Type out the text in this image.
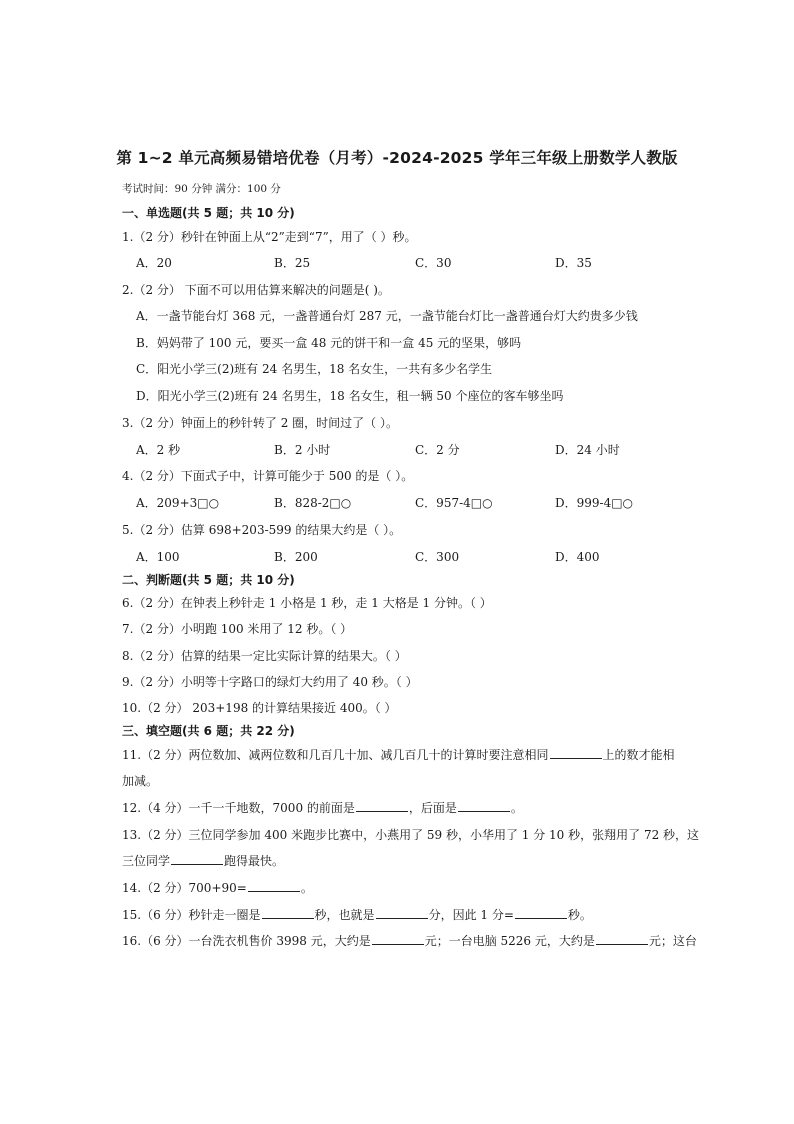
第 1~2 单元高频易错培优卷（月考）-2024-2025 学年三年级上册数学人教版
考试时间：90 分钟 满分：100 分
一、单选题(共 5 题；共 10 分)
1.（2 分）秒针在钟面上从“2”走到“7”，用了（ ）秒。
A．20	B．25	C．30	D．35
2.（2 分） 下面不可以用估算来解决的问题是( )。
A．一盏节能台灯 368 元，一盏普通台灯 287 元，一盏节能台灯比一盏普通台灯大约贵多少钱
B．妈妈带了 100 元，要买一盒 48 元的饼干和一盒 45 元的坚果，够吗
C．阳光小学三(2)班有 24 名男生，18 名女生，一共有多少名学生
D．阳光小学三(2)班有 24 名男生，18 名女生，租一辆 50 个座位的客车够坐吗
3.（2 分）钟面上的秒针转了 2 圈，时间过了（ ）。
A．2 秒	B．2 小时	C．2 分	D．24 小时
4.（2 分）下面式子中，计算可能少于 500 的是（ ）。
A．209+3□○	B．828-2□○	C．957-4□○	D．999-4□○
5.（2 分）估算 698+203-599 的结果大约是（ ）。
A．100	B．200	C．300	D．400
二、判断题(共 5 题；共 10 分)
6.（2 分）在钟表上秒针走 1 小格是 1 秒，走 1 大格是 1 分钟。（ ）
7.（2 分）小明跑 100 米用了 12 秒。（ ）
8.（2 分）估算的结果一定比实际计算的结果大。（ ）
9.（2 分）小明等十字路口的绿灯大约用了 40 秒。（ ）
10.（2 分） 203+198 的计算结果接近 400。（ ）
三、填空题(共 6 题；共 22 分)
11.（2 分）两位数加、减两位数和几百几十加、减几百几十的计算时要注意相同	上的数才能相
加减。
12.（4 分）一千一千地数，7000 的前面是	，后面是	。
13.（2 分）三位同学参加 400 米跑步比赛中，小燕用了 59 秒，小华用了 1 分 10 秒，张翔用了 72 秒，这
三位同学	跑得最快。
14.（2 分）700+90=	。
15.（6 分）秒针走一圈是	秒，也就是	分，因此 1 分=	秒。
16.（6 分）一台洗衣机售价 3998 元，大约是	元；一台电脑 5226 元，大约是	元；这台
